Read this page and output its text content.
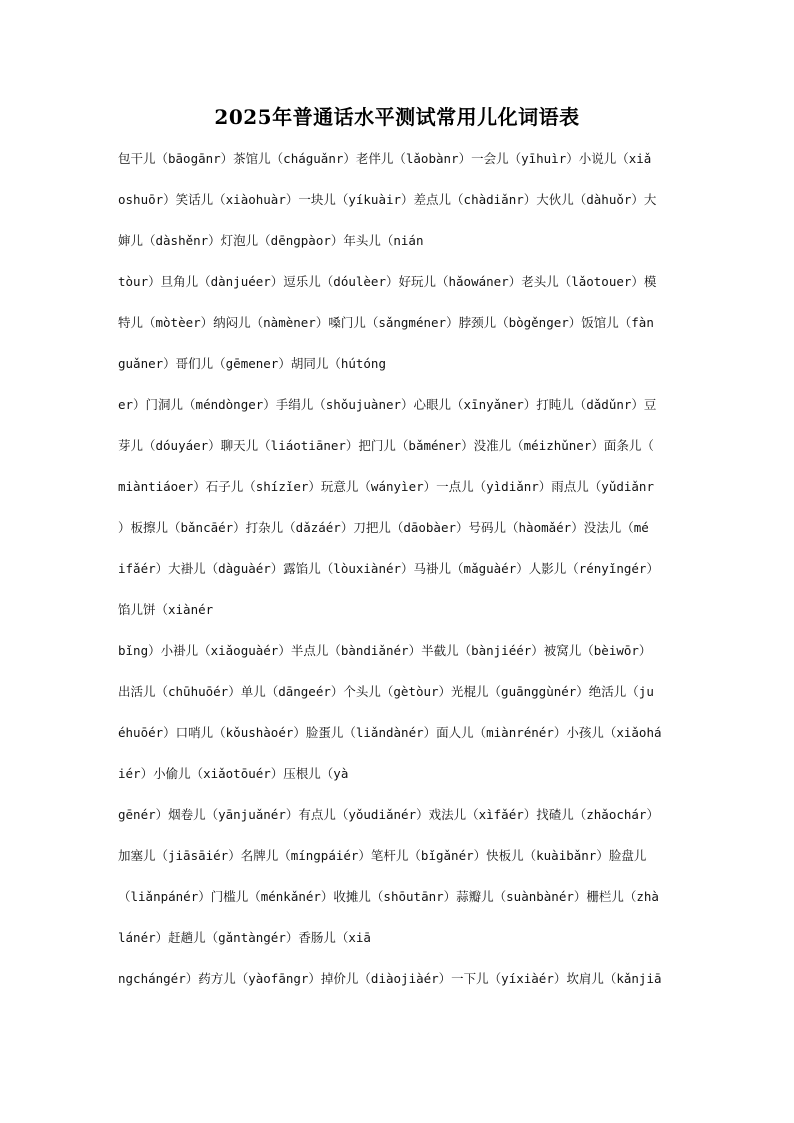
2025年普通话水平测试常用儿化词语表
包干儿（bāogānr）茶馆儿（cháguǎnr）老伴儿（lǎobànr）一会儿（yīhuìr）小说儿（xiǎ
oshuōr）笑话儿（xiàohuàr）一块儿（yíkuàir）差点儿（chàdiǎnr）大伙儿（dàhuǒr）大
婶儿（dàshěnr）灯泡儿（dēngpàor）年头儿（nián
tòur）旦角儿（dànjuéer）逗乐儿（dóulèer）好玩儿（hǎowáner）老头儿（lǎotouer）模
特儿（mòtèer）纳闷儿（nàmèner）嗓门儿（sǎngméner）脖颈儿（bògěnger）饭馆儿（fàn
guǎner）哥们儿（gēmener）胡同儿（hútóng
er）门洞儿（méndònger）手绢儿（shǒujuàner）心眼儿（xīnyǎner）打盹儿（dǎdǔnr）豆
芽儿（dóuyáer）聊天儿（liáotiāner）把门儿（bǎméner）没准儿（méizhǔner）面条儿（
miàntiáoer）石子儿（shízǐer）玩意儿（wányìer）一点儿（yìdiǎnr）雨点儿（yǔdiǎnr
）板擦儿（bǎncāér）打杂儿（dǎzáér）刀把儿（dāobàer）号码儿（hàomǎér）没法儿（mé
ifǎér）大褂儿（dàguàér）露馅儿（lòuxiànér）马褂儿（mǎguàér）人影儿（rényǐngér）
馅儿饼（xiànér
bǐng）小褂儿（xiǎoguàér）半点儿（bàndiǎnér）半截儿（bànjiéér）被窝儿（bèiwōr）
出活儿（chūhuōér）单儿（dāngeér）个头儿（gètòur）光棍儿（guānggùnér）绝活儿（ju
éhuōér）口哨儿（kǒushàoér）脸蛋儿（liǎndànér）面人儿（miànrénér）小孩儿（xiǎohá
iér）小偷儿（xiǎotōuér）压根儿（yà
gēnér）烟卷儿（yānjuǎnér）有点儿（yǒudiǎnér）戏法儿（xìfǎér）找碴儿（zhǎochár）
加塞儿（jiāsāiér）名牌儿（míngpáiér）笔杆儿（bǐgǎnér）快板儿（kuàibǎnr）脸盘儿
（liǎnpánér）门槛儿（ménkǎnér）收摊儿（shōutānr）蒜瓣儿（suànbànér）栅栏儿（zhà
lánér）赶趟儿（gǎntàngér）香肠儿（xiā
ngchángér）药方儿（yàofāngr）掉价儿（diàojiàér）一下儿（yíxiàér）坎肩儿（kǎnjiā
